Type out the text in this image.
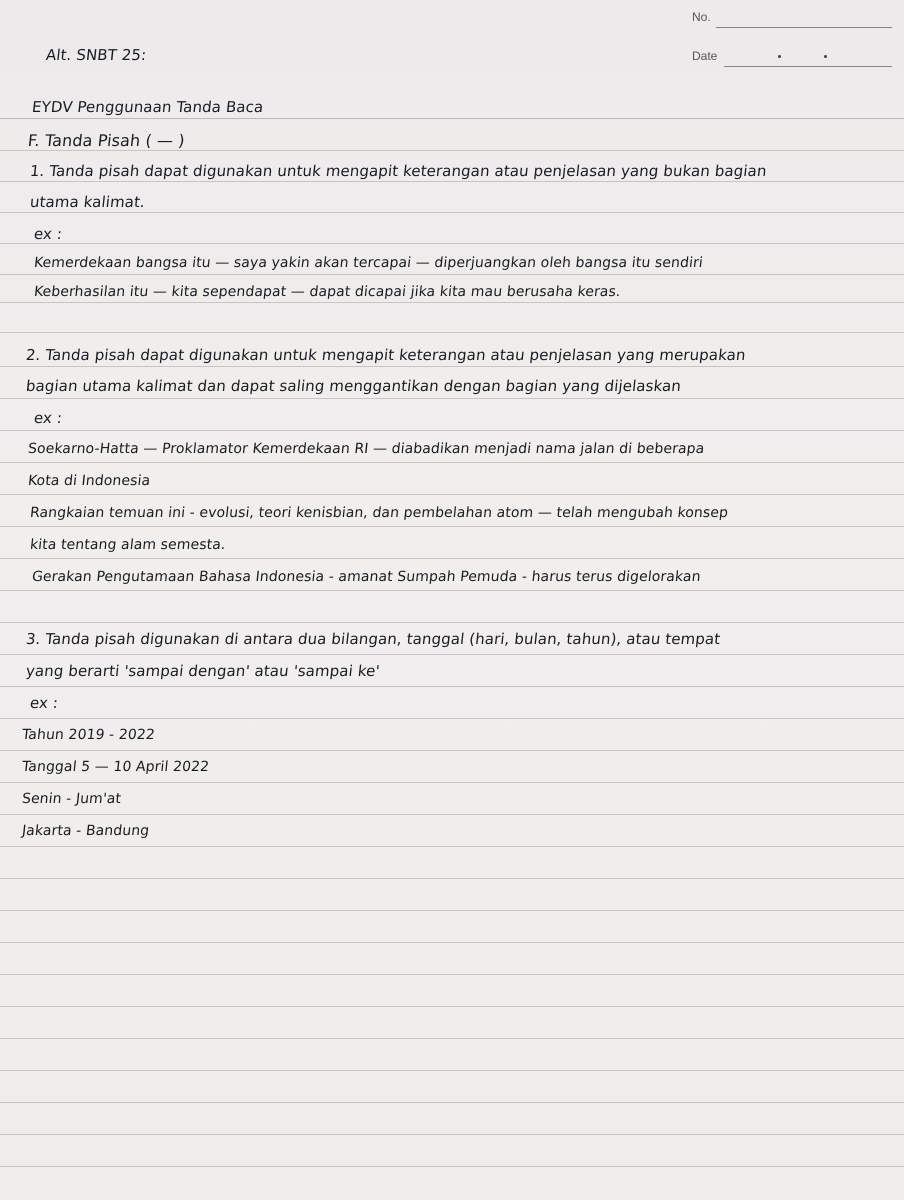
No.
Date
Alt. SNBT 25:
EYDV Penggunaan Tanda Baca
F. Tanda Pisah ( — )
1. Tanda pisah dapat digunakan untuk mengapit keterangan atau penjelasan yang bukan bagian
utama kalimat.
ex :
Kemerdekaan bangsa itu — saya yakin akan tercapai — diperjuangkan oleh bangsa itu sendiri
Keberhasilan itu — kita sependapat — dapat dicapai jika kita mau berusaha keras.
2. Tanda pisah dapat digunakan untuk mengapit keterangan atau penjelasan yang merupakan
bagian utama kalimat dan dapat saling menggantikan dengan bagian yang dijelaskan
ex :
Soekarno-Hatta — Proklamator Kemerdekaan RI — diabadikan menjadi nama jalan di beberapa
Kota di Indonesia
Rangkaian temuan ini - evolusi, teori kenisbian, dan pembelahan atom — telah mengubah konsep
kita tentang alam semesta.
Gerakan Pengutamaan Bahasa Indonesia - amanat Sumpah Pemuda - harus terus digelorakan
3. Tanda pisah digunakan di antara dua bilangan, tanggal (hari, bulan, tahun), atau tempat
yang berarti 'sampai dengan' atau 'sampai ke'
ex :
Tahun 2019 - 2022
Tanggal 5 — 10 April 2022
Senin - Jum'at
Jakarta - Bandung
